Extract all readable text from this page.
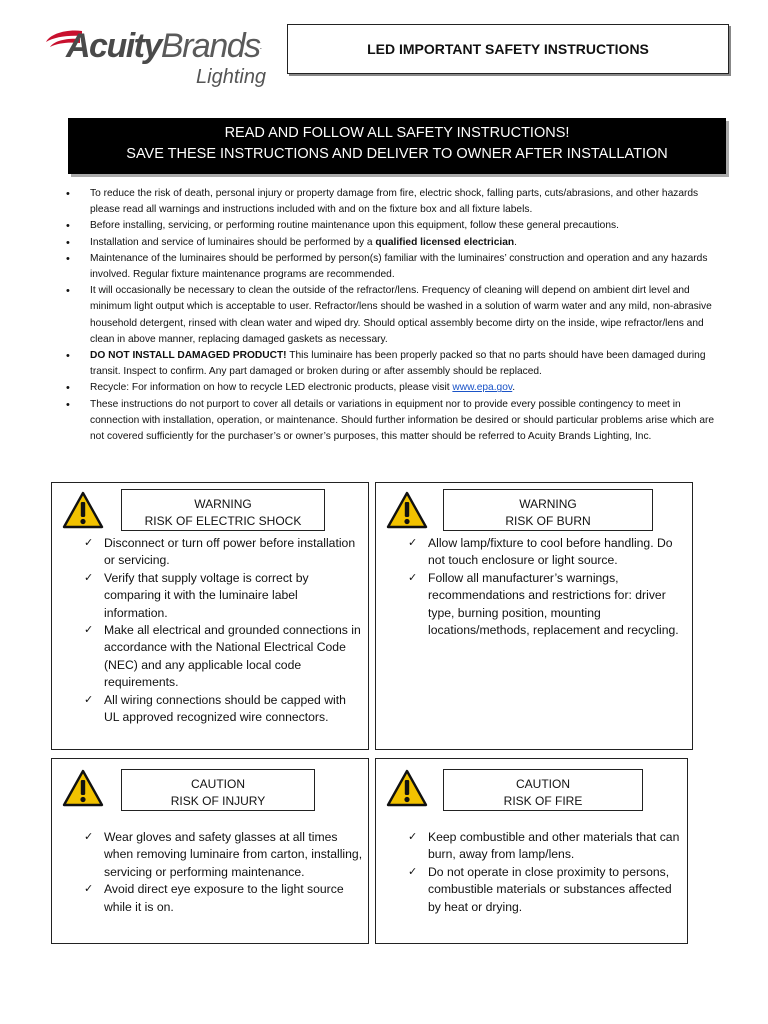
AcuityBrands.
Lighting
LED IMPORTANT SAFETY INSTRUCTIONS
READ AND FOLLOW ALL SAFETY INSTRUCTIONS!
SAVE THESE INSTRUCTIONS AND DELIVER TO OWNER AFTER INSTALLATION
• To reduce the risk of death, personal injury or property damage from fire, electric shock, falling parts, cuts/abrasions, and other hazards please read all warnings and instructions included with and on the fixture box and all fixture labels.
• Before installing, servicing, or performing routine maintenance upon this equipment, follow these general precautions.
• Installation and service of luminaires should be performed by a qualified licensed electrician.
• Maintenance of the luminaires should be performed by person(s) familiar with the luminaires’ construction and operation and any hazards involved. Regular fixture maintenance programs are recommended.
• It will occasionally be necessary to clean the outside of the refractor/lens. Frequency of cleaning will depend on ambient dirt level and minimum light output which is acceptable to user. Refractor/lens should be washed in a solution of warm water and any mild, non-abrasive household detergent, rinsed with clean water and wiped dry. Should optical assembly become dirty on the inside, wipe refractor/lens and clean in above manner, replacing damaged gaskets as necessary.
• DO NOT INSTALL DAMAGED PRODUCT! This luminaire has been properly packed so that no parts should have been damaged during transit. Inspect to confirm. Any part damaged or broken during or after assembly should be replaced.
• Recycle: For information on how to recycle LED electronic products, please visit www.epa.gov.
• These instructions do not purport to cover all details or variations in equipment nor to provide every possible contingency to meet in connection with installation, operation, or maintenance. Should further information be desired or should particular problems arise which are not covered sufficiently for the purchaser’s or owner’s purposes, this matter should be referred to Acuity Brands Lighting, Inc.
WARNING
RISK OF ELECTRIC SHOCK
✓ Disconnect or turn off power before installation or servicing.
✓ Verify that supply voltage is correct by comparing it with the luminaire label information.
✓ Make all electrical and grounded connections in accordance with the National Electrical Code (NEC) and any applicable local code requirements.
✓ All wiring connections should be capped with UL approved recognized wire connectors.
WARNING
RISK OF BURN
✓ Allow lamp/fixture to cool before handling. Do not touch enclosure or light source.
✓ Follow all manufacturer’s warnings, recommendations and restrictions for: driver type, burning position, mounting locations/methods, replacement and recycling.
CAUTION
RISK OF INJURY
✓ Wear gloves and safety glasses at all times when removing luminaire from carton, installing, servicing or performing maintenance.
✓ Avoid direct eye exposure to the light source while it is on.
CAUTION
RISK OF FIRE
✓ Keep combustible and other materials that can burn, away from lamp/lens.
✓ Do not operate in close proximity to persons, combustible materials or substances affected by heat or drying.
